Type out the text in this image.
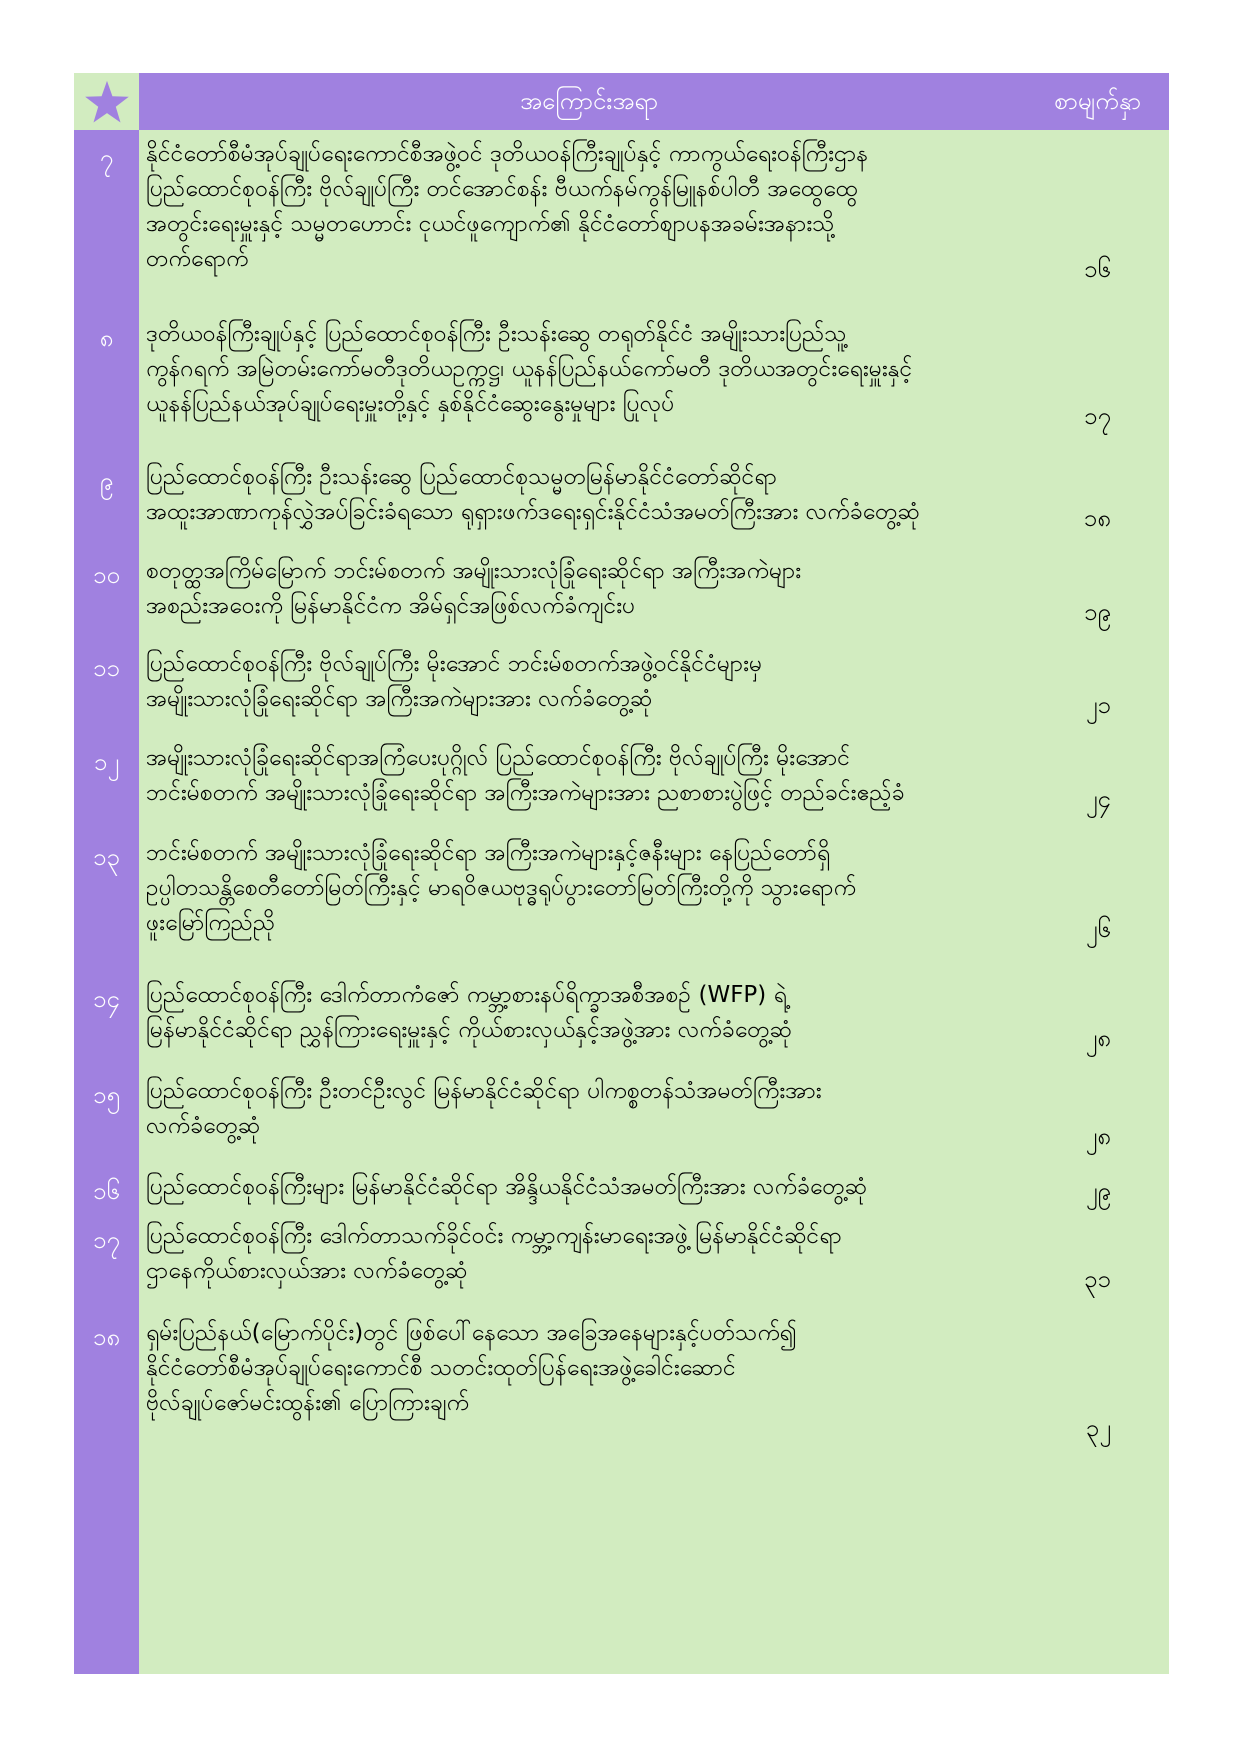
အကြောင်းအရာ	စာမျက်နှာ
၇	နိုင်ငံတော်စီမံအုပ်ချုပ်ရေးကောင်စီအဖွဲ့ဝင် ဒုတိယဝန်ကြီးချုပ်နှင့် ကာကွယ်ရေးဝန်ကြီးဌာန
ပြည်ထောင်စုဝန်ကြီး ဗိုလ်ချုပ်ကြီး တင်အောင်စန်း ဗီယက်နမ်ကွန်မြူနစ်ပါတီ အထွေထွေ
အတွင်းရေးမှူးနှင့် သမ္မတဟောင်း ငုယင်ဖူကျောက်၏ နိုင်ငံတော်စျာပနအခမ်းအနားသို့
တက်ရောက်	၁၆
၈	ဒုတိယဝန်ကြီးချုပ်နှင့် ပြည်ထောင်စုဝန်ကြီး ဦးသန်းဆွေ တရုတ်နိုင်ငံ အမျိုးသားပြည်သူ့
ကွန်ဂရက် အမြဲတမ်းကော်မတီဒုတိယဥက္ကဋ္ဌ၊ ယူနန်ပြည်နယ်ကော်မတီ ဒုတိယအတွင်းရေးမှူးနှင့်
ယူနန်ပြည်နယ်အုပ်ချုပ်ရေးမှူးတို့နှင့် နှစ်နိုင်ငံဆွေးနွေးမှုများ ပြုလုပ်	၁၇
၉	ပြည်ထောင်စုဝန်ကြီး ဦးသန်းဆွေ ပြည်ထောင်စုသမ္မတမြန်မာနိုင်ငံတော်ဆိုင်ရာ
အထူးအာဏာကုန်လွှဲအပ်ခြင်းခံရသော ရုရှားဖက်ဒရေးရှင်းနိုင်ငံသံအမတ်ကြီးအား လက်ခံတွေ့ဆုံ	၁၈
၁၀	စတုတ္ထအကြိမ်မြောက် ဘင်းမ်စတက် အမျိုးသားလုံခြုံရေးဆိုင်ရာ အကြီးအကဲများ
အစည်းအဝေးကို မြန်မာနိုင်ငံက အိမ်ရှင်အဖြစ်လက်ခံကျင်းပ	၁၉
၁၁	ပြည်ထောင်စုဝန်ကြီး ဗိုလ်ချုပ်ကြီး မိုးအောင် ဘင်းမ်စတက်အဖွဲ့ဝင်နိုင်ငံများမှ
အမျိုးသားလုံခြုံရေးဆိုင်ရာ အကြီးအကဲများအား လက်ခံတွေ့ဆုံ	၂၁
၁၂	အမျိုးသားလုံခြုံရေးဆိုင်ရာအကြံပေးပုဂ္ဂိုလ် ပြည်ထောင်စုဝန်ကြီး ဗိုလ်ချုပ်ကြီး မိုးအောင်
ဘင်းမ်စတက် အမျိုးသားလုံခြုံရေးဆိုင်ရာ အကြီးအကဲများအား ညစာစားပွဲဖြင့် တည်ခင်းဧည့်ခံ	၂၄
၁၃	ဘင်းမ်စတက် အမျိုးသားလုံခြုံရေးဆိုင်ရာ အကြီးအကဲများနှင့်ဇနီးများ နေပြည်တော်ရှိ
ဥပ္ပါတသန္တိစေတီတော်မြတ်ကြီးနှင့် မာရဝိဇယဗုဒ္ဓရုပ်ပွားတော်မြတ်ကြီးတို့ကို သွားရောက်
ဖူးမြော်ကြည်ညို	၂၆
၁၄	ပြည်ထောင်စုဝန်ကြီး ဒေါက်တာကံဇော် ကမ္ဘာ့စားနပ်ရိက္ခာအစီအစဉ် (WFP) ရဲ့
မြန်မာနိုင်ငံဆိုင်ရာ ညွှန်ကြားရေးမှူးနှင့် ကိုယ်စားလှယ်နှင့်အဖွဲ့အား လက်ခံတွေ့ဆုံ	၂၈
၁၅	ပြည်ထောင်စုဝန်ကြီး ဦးတင်ဦးလွင် မြန်မာနိုင်ငံဆိုင်ရာ ပါကစ္စတန်သံအမတ်ကြီးအား
လက်ခံတွေ့ဆုံ	၂၈
၁၆	ပြည်ထောင်စုဝန်ကြီးများ မြန်မာနိုင်ငံဆိုင်ရာ အိန္ဒိယနိုင်ငံသံအမတ်ကြီးအား လက်ခံတွေ့ဆုံ	၂၉
၁၇	ပြည်ထောင်စုဝန်ကြီး ဒေါက်တာသက်ခိုင်ဝင်း ကမ္ဘာ့ကျန်းမာရေးအဖွဲ့ မြန်မာနိုင်ငံဆိုင်ရာ
ဌာနေကိုယ်စားလှယ်အား လက်ခံတွေ့ဆုံ	၃၁
၁၈	ရှမ်းပြည်နယ်(မြောက်ပိုင်း)တွင် ဖြစ်ပေါ်နေသော အခြေအနေများနှင့်ပတ်သက်၍
နိုင်ငံတော်စီမံအုပ်ချုပ်ရေးကောင်စီ သတင်းထုတ်ပြန်ရေးအဖွဲ့ခေါင်းဆောင်
ဗိုလ်ချုပ်ဇော်မင်းထွန်း၏ ပြောကြားချက်
၃၂
